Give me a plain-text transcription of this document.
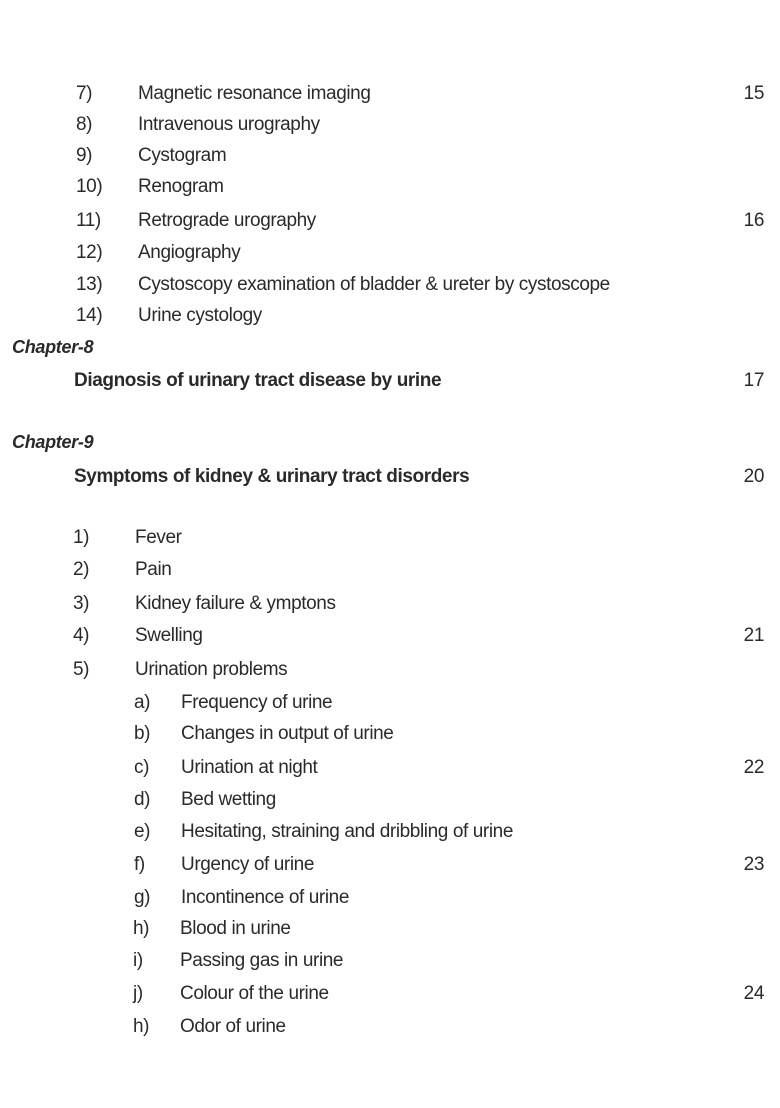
7) Magnetic resonance imaging	15
8) Intravenous urography
9) Cystogram
10) Renogram
11) Retrograde urography	16
12) Angiography
13) Cystoscopy examination of bladder & ureter by cystoscope
14) Urine cystology
Chapter-8
Diagnosis of urinary tract disease by urine	17
Chapter-9
Symptoms of kidney & urinary tract disorders	20
1) Fever
2) Pain
3) Kidney failure & ymptons
4) Swelling	21
5) Urination problems
a) Frequency of urine
b) Changes in output of urine
c) Urination at night	22
d) Bed wetting
e) Hesitating, straining and dribbling of urine
f) Urgency of urine	23
g) Incontinence of urine
h) Blood in urine
i) Passing gas in urine
j) Colour of the urine	24
h) Odor of urine
